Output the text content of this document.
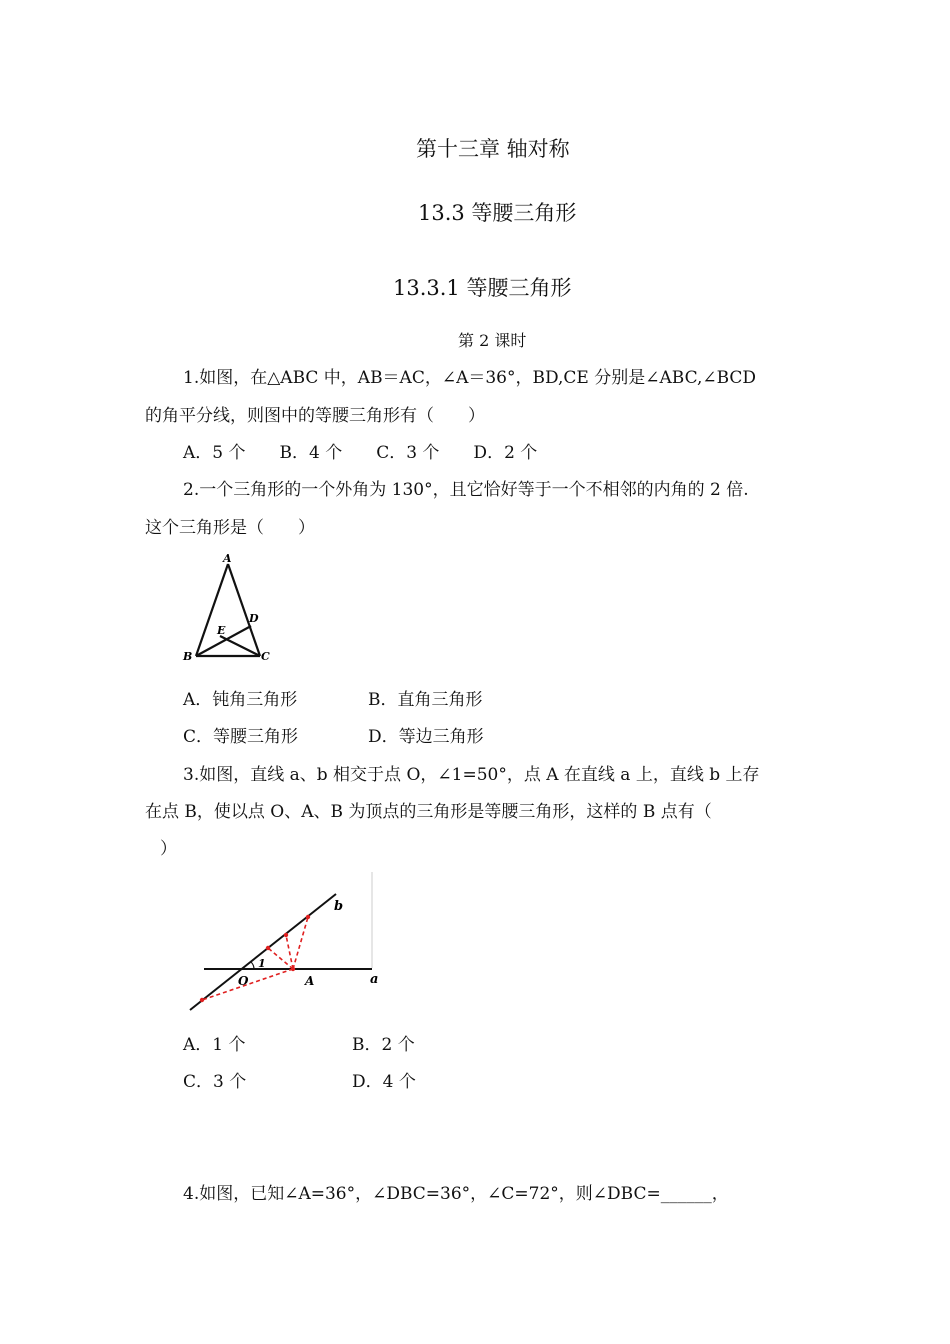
第十三章 轴对称
13.3 等腰三角形
13.3.1 等腰三角形
第 2 课时
1.如图，在△ABC 中，AB＝AC，∠A＝36°，BD,CE 分别是∠ABC,∠BCD
的角平分线，则图中的等腰三角形有（　　）
A．5 个　　B．4 个　　C．3 个　　D．2 个
2.一个三角形的一个外角为 130°，且它恰好等于一个不相邻的内角的 2 倍.
这个三角形是（　　）
A
B	C
D
E
A．钝角三角形	B．直角三角形
C．等腰三角形	D．等边三角形
3.如图，直线 a、b 相交于点 O，∠1=50°，点 A 在直线 a 上，直线 b 上存
在点 B，使以点 O、A、B 为顶点的三角形是等腰三角形，这样的 B 点有（
）
O	A
1
a
b
A．1 个	B．2 个
C．3 个	D．4 个
4.如图，已知∠A=36°，∠DBC=36°，∠C=72°，则∠DBC=______，
